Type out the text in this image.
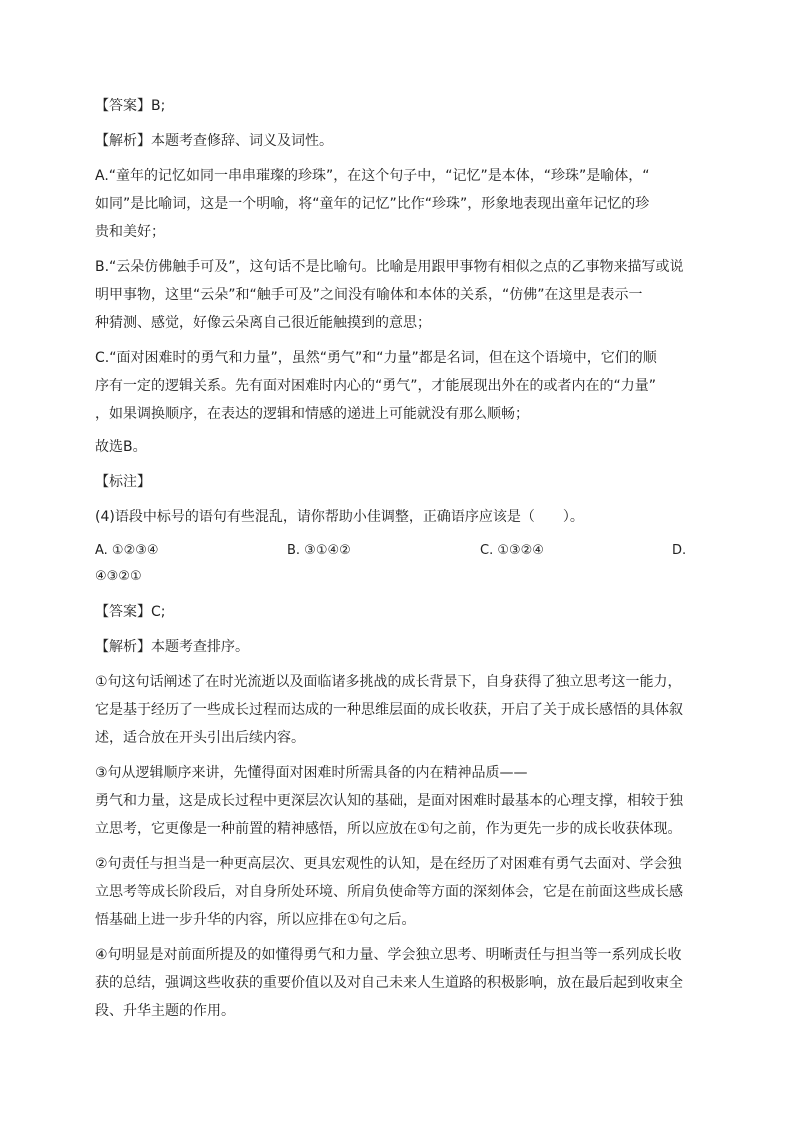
【答案】B;
【解析】本题考查修辞、词义及词性。
A.“童年的记忆如同一串串璀璨的珍珠”，在这个句子中，“记忆”是本体，“珍珠”是喻体，“
如同”是比喻词，这是一个明喻，将“童年的记忆”比作“珍珠”，形象地表现出童年记忆的珍
贵和美好；
B.“云朵仿佛触手可及”，这句话不是比喻句。比喻是用跟甲事物有相似之点的乙事物来描写或说
明甲事物，这里“云朵”和“触手可及”之间没有喻体和本体的关系，“仿佛”在这里是表示一
种猜测、感觉，好像云朵离自己很近能触摸到的意思；
C.“面对困难时的勇气和力量”，虽然“勇气”和“力量”都是名词，但在这个语境中，它们的顺
序有一定的逻辑关系。先有面对困难时内心的“勇气”，才能展现出外在的或者内在的“力量”
，如果调换顺序，在表达的逻辑和情感的递进上可能就没有那么顺畅；
故选B。
【标注】
(4)语段中标号的语句有些混乱，请你帮助小佳调整，正确语序应该是（　　）。
A. ①②③④	B. ③①④②	C. ①③②④	D.
④③②①
【答案】C;
【解析】本题考查排序。
①句这句话阐述了在时光流逝以及面临诸多挑战的成长背景下，自身获得了独立思考这一能力，
它是基于经历了一些成长过程而达成的一种思维层面的成长收获，开启了关于成长感悟的具体叙
述，适合放在开头引出后续内容。
③句从逻辑顺序来讲，先懂得面对困难时所需具备的内在精神品质——
勇气和力量，这是成长过程中更深层次认知的基础，是面对困难时最基本的心理支撑，相较于独
立思考，它更像是一种前置的精神感悟，所以应放在①句之前，作为更先一步的成长收获体现。
②句责任与担当是一种更高层次、更具宏观性的认知，是在经历了对困难有勇气去面对、学会独
立思考等成长阶段后，对自身所处环境、所肩负使命等方面的深刻体会，它是在前面这些成长感
悟基础上进一步升华的内容，所以应排在①句之后。
④句明显是对前面所提及的如懂得勇气和力量、学会独立思考、明晰责任与担当等一系列成长收
获的总结，强调这些收获的重要价值以及对自己未来人生道路的积极影响，放在最后起到收束全
段、升华主题的作用。
